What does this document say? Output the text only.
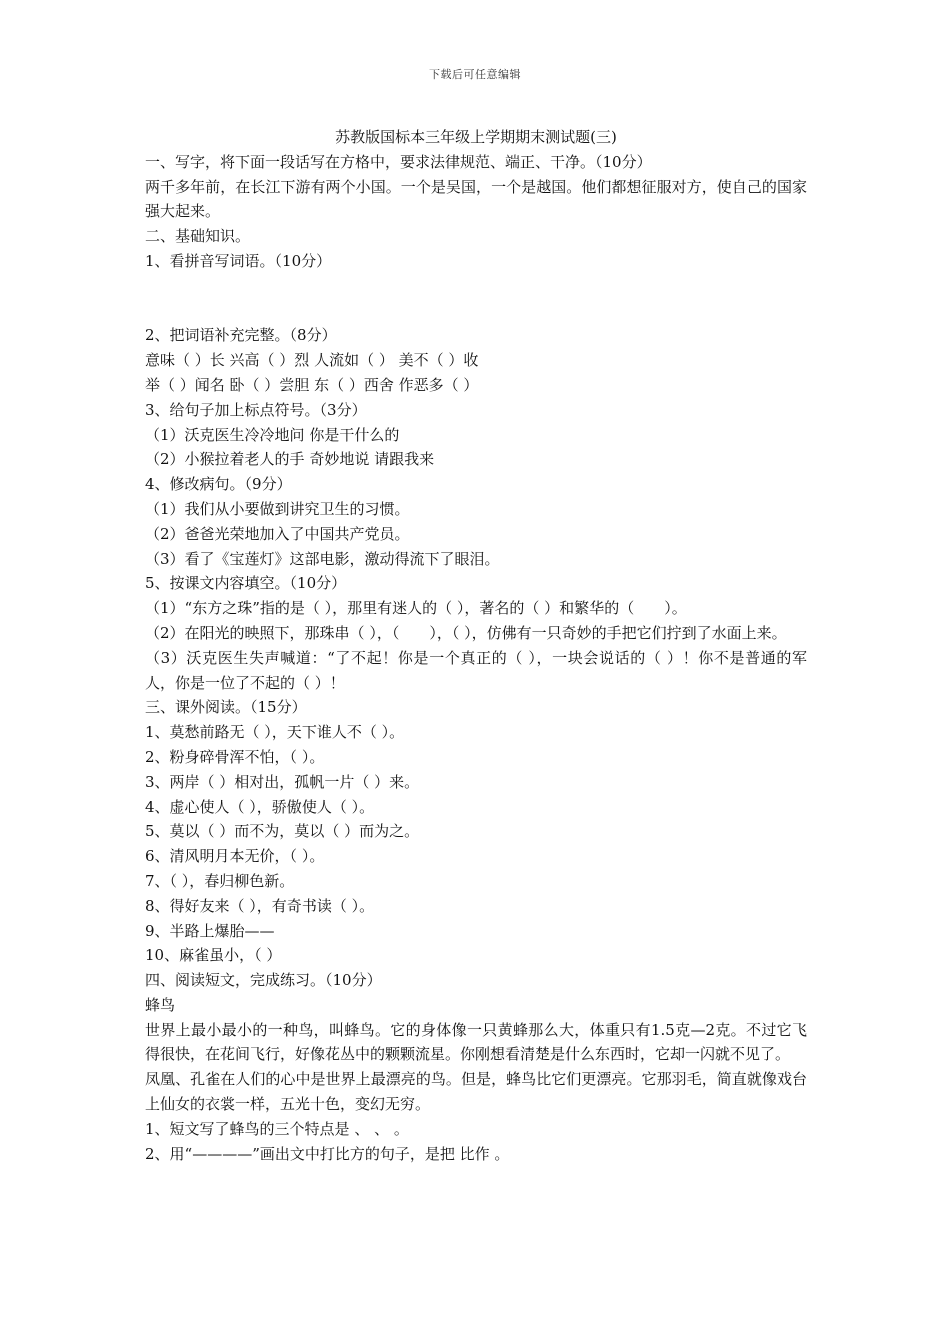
下载后可任意编辑

苏教版国标本三年级上学期期末测试题(三)

一、写字，将下面一段话写在方格中，要求法律规范、端正、干净。（10分）

两千多年前，在长江下游有两个小国。一个是吴国，一个是越国。他们都想征服对方，使自己的国家强大起来。

二、基础知识。

1、看拼音写词语。（10分）

2、把词语补充完整。（8分）

意味（ ）长 兴高（ ）烈 人流如（ ） 美不（ ）收

举（ ）闻名 卧（ ）尝胆 东（ ）西舍 作恶多（ ）

3、给句子加上标点符号。（3分）

（1）沃克医生冷冷地问 你是干什么的

（2）小猴拉着老人的手 奇妙地说 请跟我来

4、修改病句。（9分）

（1）我们从小要做到讲究卫生的习惯。

（2）爸爸光荣地加入了中国共产党员。

（3）看了《宝莲灯》这部电影，激动得流下了眼泪。

5、按课文内容填空。（10分）

（1）“东方之珠”指的是（ ），那里有迷人的（ ），著名的（ ）和繁华的（　　）。

（2）在阳光的映照下，那珠串（ ），（　　），（ ），仿佛有一只奇妙的手把它们拧到了水面上来。

（3）沃克医生失声喊道：“了不起！你是一个真正的（ ），一块会说话的（ ）！你不是普通的军人，你是一位了不起的（ ）！

三、课外阅读。（15分）

1、莫愁前路无（ ），天下谁人不（ ）。

2、粉身碎骨浑不怕，（ ）。

3、两岸（ ）相对出，孤帆一片（ ）来。

4、虚心使人（ ），骄傲使人（ ）。

5、莫以（ ）而不为，莫以（ ）而为之。

6、清风明月本无价，（ ）。

7、（ ），春归柳色新。

8、得好友来（ ），有奇书读（ ）。

9、半路上爆胎——

10、麻雀虽小，（ ）

四、阅读短文，完成练习。（10分）

蜂鸟

世界上最小最小的一种鸟，叫蜂鸟。它的身体像一只黄蜂那么大，体重只有1.5克—2克。不过它飞得很快，在花间飞行，好像花丛中的颗颗流星。你刚想看清楚是什么东西时，它却一闪就不见了。

凤凰、孔雀在人们的心中是世界上最漂亮的鸟。但是，蜂鸟比它们更漂亮。它那羽毛，简直就像戏台上仙女的衣裳一样，五光十色，变幻无穷。

1、短文写了蜂鸟的三个特点是 、 、 。

2、用“————”画出文中打比方的句子，是把 比作 。
